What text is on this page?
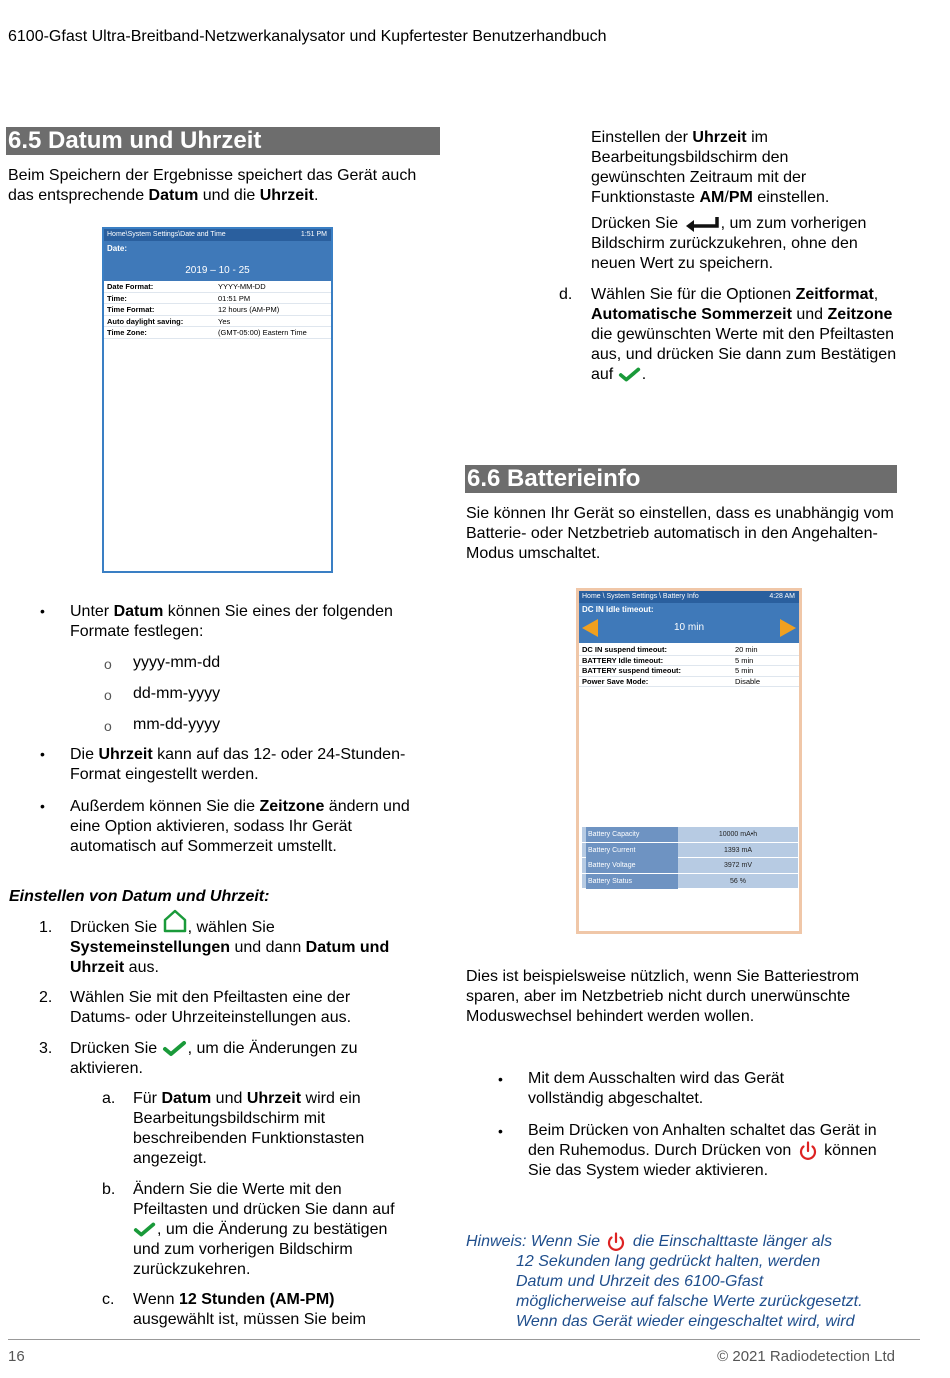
6100-Gfast Ultra-Breitband-Netzwerkanalysator und Kupfertester Benutzerhandbuch
6.5 Datum und Uhrzeit
Beim Speichern der Ergebnisse speichert das Gerät auch das entsprechende Datum und die Uhrzeit.
Home\System Settings\Date and Time	1:51 PM
Date:
2019 – 10 - 25
Date Format:	YYYY-MM-DD
Time:	01:51 PM
Time Format:	12 hours (AM-PM)
Auto daylight saving:	Yes
Time Zone:	(GMT-05:00) Eastern Time
•	Unter Datum können Sie eines der folgenden Formate festlegen:
o yyyy-mm-dd
o dd-mm-yyyy
o mm-dd-yyyy
•	Die Uhrzeit kann auf das 12- oder 24-Stunden-Format eingestellt werden.
•	Außerdem können Sie die Zeitzone ändern und eine Option aktivieren, sodass Ihr Gerät automatisch auf Sommerzeit umstellt.
Einstellen von Datum und Uhrzeit:
1. Drücken Sie
, wählen Sie Systemeinstellungen und dann Datum und Uhrzeit aus.
2. Wählen Sie mit den Pfeiltasten eine der Datums- oder Uhrzeiteinstellungen aus.
3. Drücken Sie , um die Änderungen zu aktivieren.
a. Für Datum und Uhrzeit wird ein Bearbeitungsbildschirm mit beschreibenden Funktionstasten angezeigt.
b. Ändern Sie die Werte mit den Pfeiltasten und drücken Sie dann auf , um die Änderung zu bestätigen und zum vorherigen Bildschirm zurückzukehren.
c. Wenn 12 Stunden (AM-PM) ausgewählt ist, müssen Sie beim
Einstellen der Uhrzeit im Bearbeitungsbildschirm den gewünschten Zeitraum mit der Funktionstaste AM/PM einstellen.
Drücken Sie , um zum vorherigen Bildschirm zurückzukehren, ohne den neuen Wert zu speichern.
d. Wählen Sie für die Optionen Zeitformat, Automatische Sommerzeit und Zeitzone die gewünschten Werte mit den Pfeiltasten aus, und drücken Sie dann zum Bestätigen auf .
6.6 Batterieinfo
Sie können Ihr Gerät so einstellen, dass es unabhängig vom Batterie- oder Netzbetrieb automatisch in den Angehalten-Modus umschaltet.
Home \ System Settings \ Battery Info	4:28 AM
DC IN Idle timeout:
10 min
DC IN suspend timeout:	20 min
BATTERY Idle timeout:	5 min
BATTERY suspend timeout:	5 min
Power Save Mode:	Disable
Battery Capacity	10000 mA•h
Battery Current	1393 mA
Battery Voltage	3972 mV
Battery Status	56 %
Dies ist beispielsweise nützlich, wenn Sie Batteriestrom sparen, aber im Netzbetrieb nicht durch unerwünschte Moduswechsel behindert werden wollen.
•	Mit dem Ausschalten wird das Gerät vollständig abgeschaltet.
•	Beim Drücken von Anhalten schaltet das Gerät in den Ruhemodus. Durch Drücken von  können Sie das System wieder aktivieren.
Hinweis: Wenn Sie  die Einschalttaste länger als
12 Sekunden lang gedrückt halten, werden
Datum und Uhrzeit des 6100-Gfast
möglicherweise auf falsche Werte zurückgesetzt.
Wenn das Gerät wieder eingeschaltet wird, wird
16	© 2021 Radiodetection Ltd
